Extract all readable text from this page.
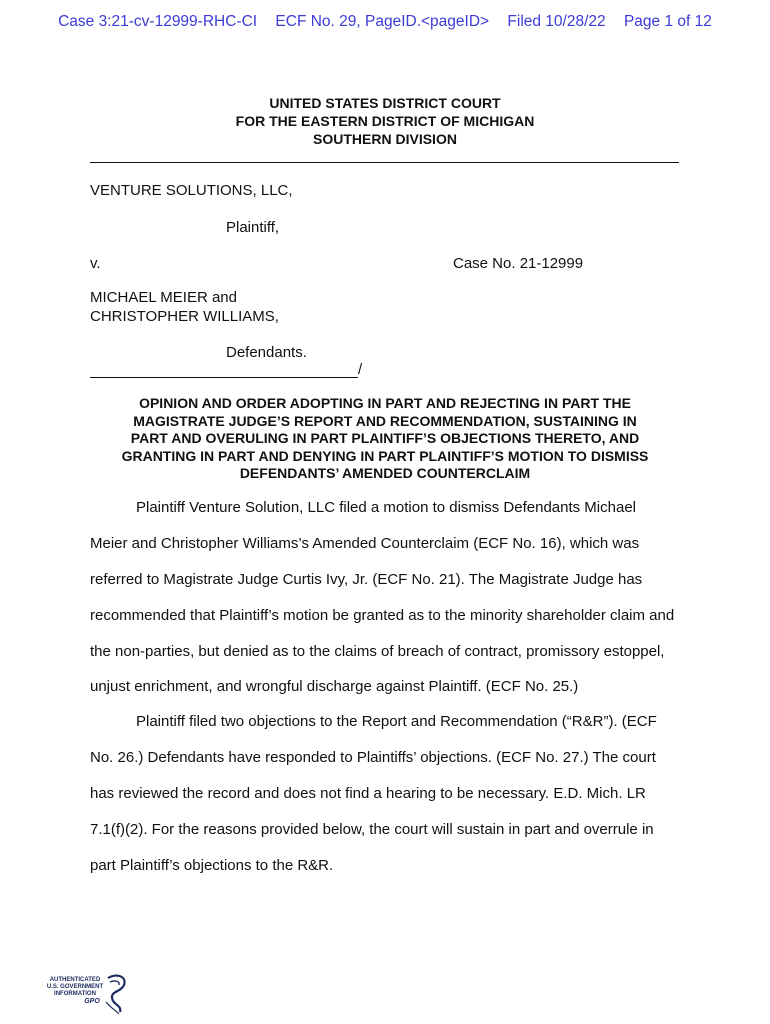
Case 3:21-cv-12999-RHC-CI ECF No. 29, PageID.<pageID> Filed 10/28/22 Page 1 of 12
UNITED STATES DISTRICT COURT
FOR THE EASTERN DISTRICT OF MICHIGAN
SOUTHERN DIVISION
VENTURE SOLUTIONS, LLC,
Plaintiff,
v.	Case No. 21-12999
MICHAEL MEIER and
CHRISTOPHER WILLIAMS,
Defendants.
/
OPINION AND ORDER ADOPTING IN PART AND REJECTING IN PART THE
MAGISTRATE JUDGE’S REPORT AND RECOMMENDATION, SUSTAINING IN
PART AND OVERULING IN PART PLAINTIFF’S OBJECTIONS THERETO, AND
GRANTING IN PART AND DENYING IN PART PLAINTIFF’S MOTION TO DISMISS
DEFENDANTS’ AMENDED COUNTERCLAIM
Plaintiff Venture Solution, LLC filed a motion to dismiss Defendants Michael
Meier and Christopher Williams’s Amended Counterclaim (ECF No. 16), which was
referred to Magistrate Judge Curtis Ivy, Jr. (ECF No. 21). The Magistrate Judge has
recommended that Plaintiff’s motion be granted as to the minority shareholder claim and
the non-parties, but denied as to the claims of breach of contract, promissory estoppel,
unjust enrichment, and wrongful discharge against Plaintiff. (ECF No. 25.)
Plaintiff filed two objections to the Report and Recommendation (“R&R”). (ECF
No. 26.) Defendants have responded to Plaintiffs’ objections. (ECF No. 27.) The court
has reviewed the record and does not find a hearing to be necessary. E.D. Mich. LR
7.1(f)(2). For the reasons provided below, the court will sustain in part and overrule in
part Plaintiff’s objections to the R&R.
AUTHENTICATED
U.S. GOVERNMENT
INFORMATION
GPO
